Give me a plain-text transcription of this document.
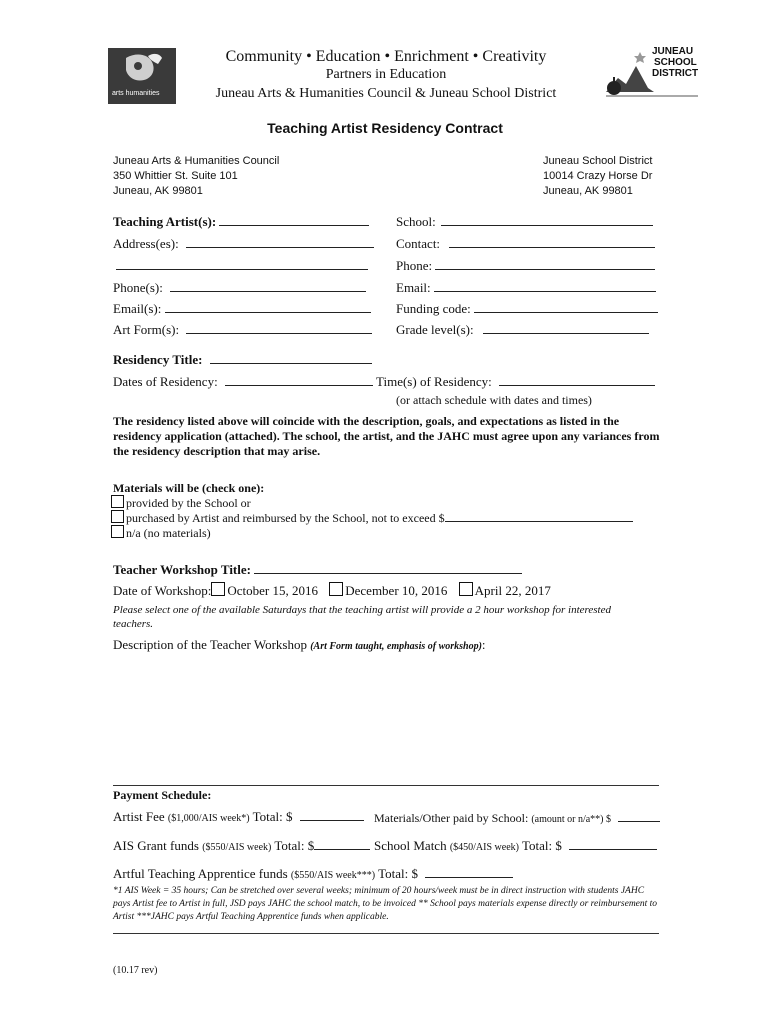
arts humanities
Community • Education • Enrichment • Creativity
Partners in Education
Juneau Arts & Humanities Council & Juneau School District
JUNEAU
SCHOOL
DISTRICT
Teaching Artist Residency Contract
Juneau Arts & Humanities Council
350 Whittier St. Suite 101
Juneau, AK 99801
Juneau School District
10014 Crazy Horse Dr
Juneau, AK 99801
Teaching Artist(s):
Address(es):
Phone(s):
Email(s):
Art Form(s):
School:
Contact:
Phone:
Email:
Funding code:
Grade level(s):
Residency Title:
Dates of Residency:	Time(s) of Residency:
(or attach schedule with dates and times)
The residency listed above will coincide with the description, goals, and expectations as listed in the residency application (attached). The school, the artist, and the JAHC must agree upon any variances from the residency description that may arise.
Materials will be (check one):
provided by the School or
purchased by Artist and reimbursed by the School, not to exceed $
n/a (no materials)
Teacher Workshop Title:
Date of Workshop: October 15, 2016 December 10, 2016 April 22, 2017
Please select one of the available Saturdays that the teaching artist will provide a 2 hour workshop for interested teachers.
Description of the Teacher Workshop (Art Form taught, emphasis of workshop):
Payment Schedule:
Artist Fee ($1,000/AIS week*) Total: $	Materials/Other paid by School: (amount or n/a**) $
AIS Grant funds ($550/AIS week) Total: $	School Match ($450/AIS week) Total: $
Artful Teaching Apprentice funds ($550/AIS week***) Total: $
*1 AIS Week = 35 hours; Can be stretched over several weeks; minimum of 20 hours/week must be in direct instruction with students JAHC pays Artist fee to Artist in full, JSD pays JAHC the school match, to be invoiced ** School pays materials expense directly or reimbursement to Artist ***JAHC pays Artful Teaching Apprentice funds when applicable.
(10.17 rev)
